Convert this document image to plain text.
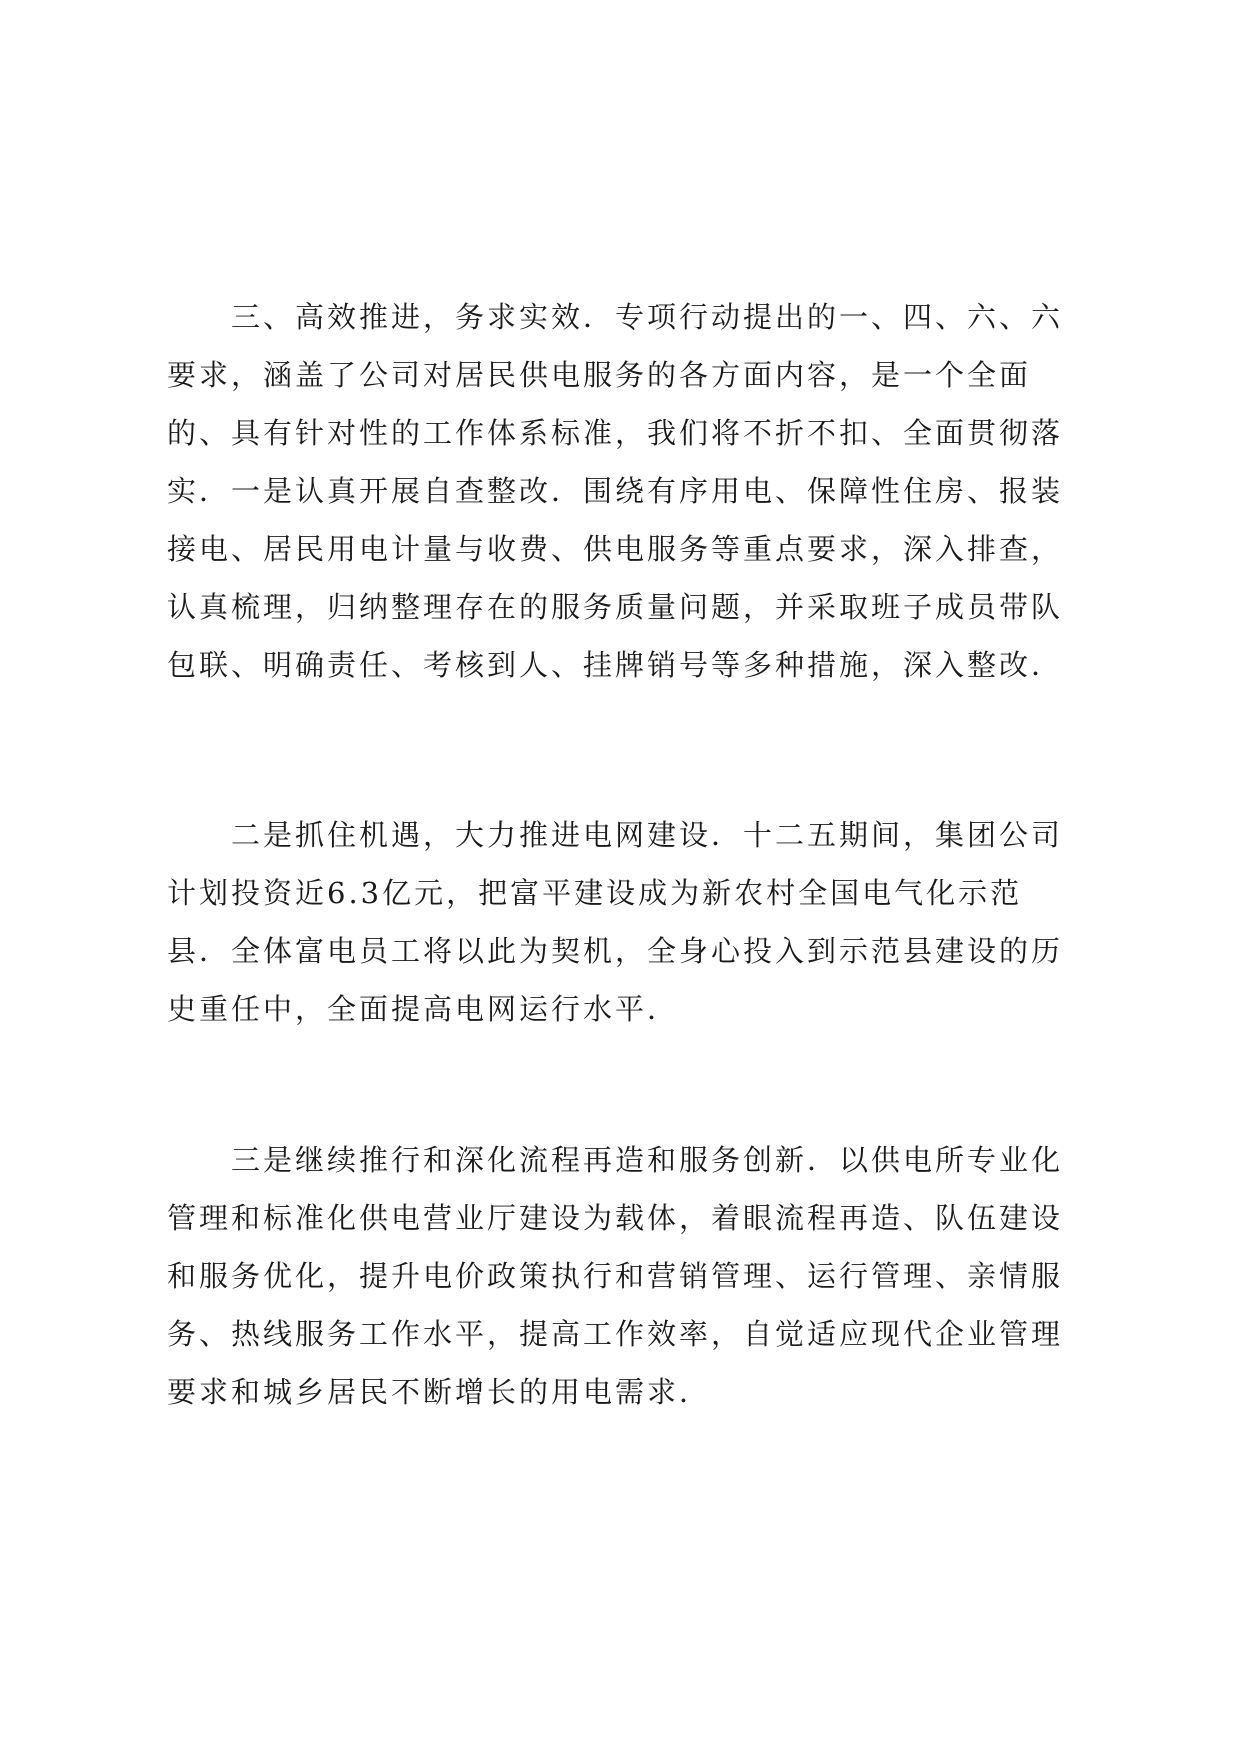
　　三、高效推进，务求实效．专项行动提出的一、四、六、六
要求，涵盖了公司对居民供电服务的各方面内容，是一个全面
的、具有针对性的工作体系标准，我们将不折不扣、全面贯彻落
实．一是认真开展自查整改．围绕有序用电、保障性住房、报装
接电、居民用电计量与收费、供电服务等重点要求，深入排查，
认真梳理，归纳整理存在的服务质量问题，并采取班子成员带队
包联、明确责任、考核到人、挂牌销号等多种措施，深入整改．
　　二是抓住机遇，大力推进电网建设．十二五期间，集团公司
计划投资近6.3亿元，把富平建设成为新农村全国电气化示范
县．全体富电员工将以此为契机，全身心投入到示范县建设的历
史重任中，全面提高电网运行水平．
　　三是继续推行和深化流程再造和服务创新．以供电所专业化
管理和标准化供电营业厅建设为载体，着眼流程再造、队伍建设
和服务优化，提升电价政策执行和营销管理、运行管理、亲情服
务、热线服务工作水平，提高工作效率，自觉适应现代企业管理
要求和城乡居民不断增长的用电需求．
